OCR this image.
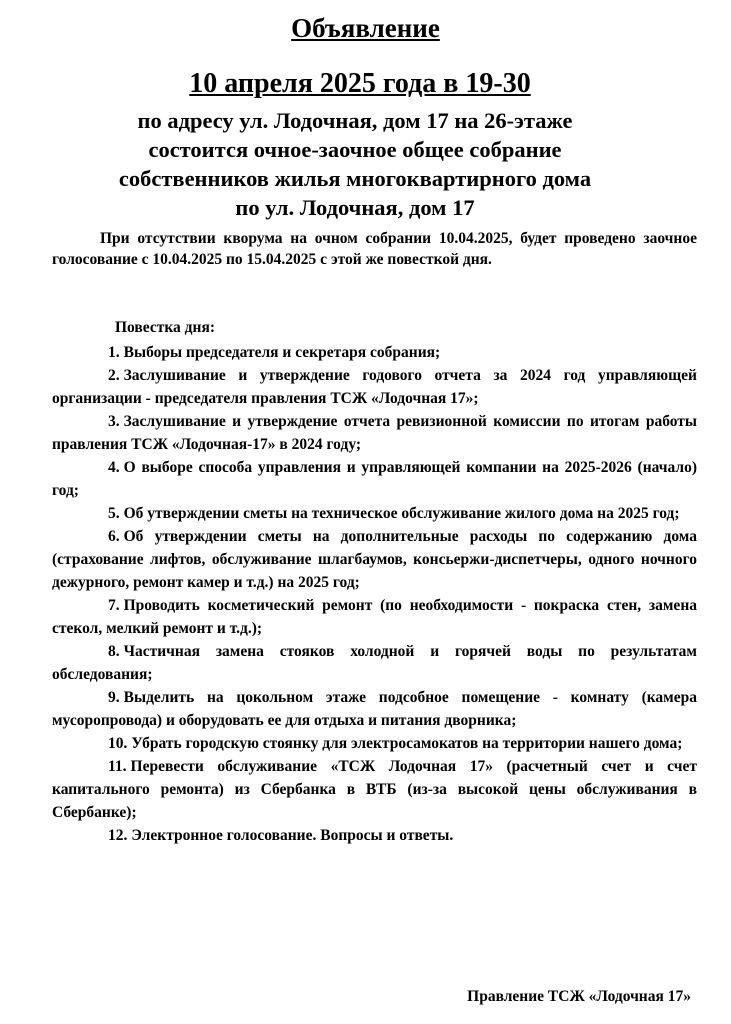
Объявление
10 апреля 2025 года в 19-30
по адресу ул. Лодочная, дом 17 на 26-этаже
состоится очное-заочное общее собрание
собственников жилья многоквартирного дома
по ул. Лодочная, дом 17

При отсутствии кворума на очном собрании 10.04.2025, будет проведено заочное голосование с 10.04.2025 по 15.04.2025 с этой же повесткой дня.

Повестка дня:

1. Выборы председателя и секретаря собрания;

2. Заслушивание и утверждение годового отчета за 2024 год управляющей организации - председателя правления ТСЖ «Лодочная 17»;

3. Заслушивание и утверждение отчета ревизионной комиссии по итогам работы правления ТСЖ «Лодочная-17» в 2024 году;

4. О выборе способа управления и управляющей компании на 2025-2026 (начало) год;

5. Об утверждении сметы на техническое обслуживание жилого дома на 2025 год;

6. Об утверждении сметы на дополнительные расходы по содержанию дома (страхование лифтов, обслуживание шлагбаумов, консьержи-диспетчеры, одного ночного дежурного, ремонт камер и т.д.) на 2025 год;

7. Проводить косметический ремонт (по необходимости - покраска стен, замена стекол, мелкий ремонт и т.д.);

8. Частичная замена стояков холодной и горячей воды по результатам обследования;

9. Выделить на цокольном этаже подсобное помещение - комнату (камера мусоропровода) и оборудовать ее для отдыха и питания дворника;

10. Убрать городскую стоянку для электросамокатов на территории нашего дома;

11. Перевести обслуживание «ТСЖ Лодочная 17» (расчетный счет и счет капитального ремонта) из Сбербанка в ВТБ (из-за высокой цены обслуживания в Сбербанке);

12. Электронное голосование. Вопросы и ответы.

Правление ТСЖ «Лодочная 17»
